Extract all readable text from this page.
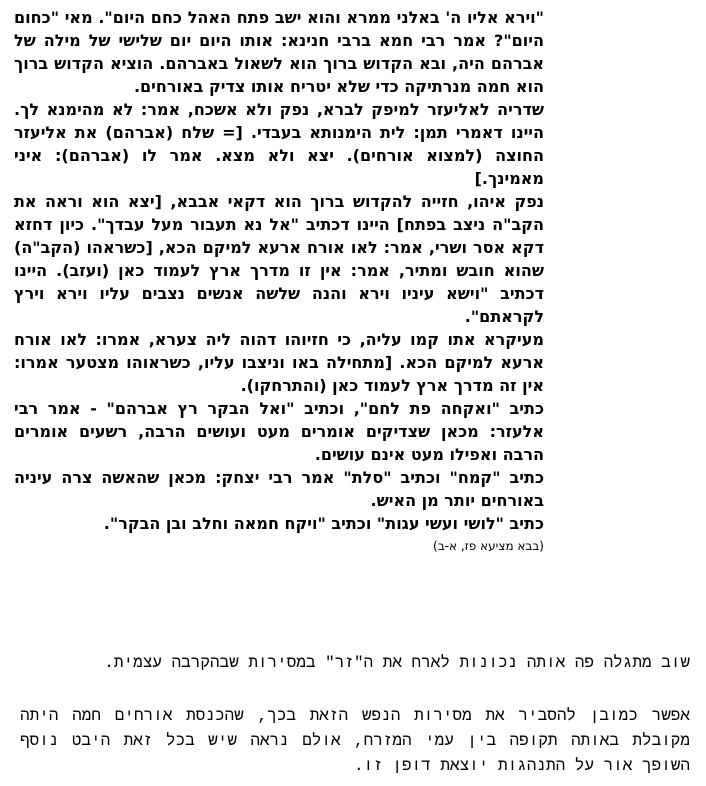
"וירא אליו ה' באלני ממרא והוא ישב פתח האהל כחם היום". מאי "כחום היום"? אמר רבי חמא ברבי חנינא: אותו היום יום שלישי של מילה של אברהם היה, ובא הקדוש ברוך הוא לשאול באברהם. הוציא הקדוש ברוך הוא חמה מנרתיקה כדי שלא יטריח אותו צדיק באורחים.

שדריה לאליעזר למיפק לברא, נפק ולא אשכח, אמר: לא מהימנא לך. היינו דאמרי תמן: לית הימנותא בעבדי. [= שלח (אברהם) את אליעזר החוצה (למצוא אורחים). יצא ולא מצא. אמר לו (אברהם): איני מאמינך.]

נפק איהו, חזייה להקדוש ברוך הוא דקאי אבבא, [יצא הוא וראה את הקב"ה ניצב בפתח] היינו דכתיב "אל נא תעבור מעל עבדך". כיון דחזא דקא אסר ושרי, אמר: לאו אורח ארעא למיקם הכא, [כשראהו (הקב"ה) שהוא חובש ומתיר, אמר: אין זו מדרך ארץ לעמוד כאן (ועזב). היינו דכתיב "וישא עיניו וירא והנה שלשה אנשים נצבים עליו וירא וירץ לקראתם".

מעיקרא אתו קמו עליה, כי חזיוהו דהוה ליה צערא, אמרו: לאו אורח ארעא למיקם הכא. [מתחילה באו וניצבו עליו, כשראוהו מצטער אמרו: אין זה מדרך ארץ לעמוד כאן (והתרחקו).

כתיב "ואקחה פת לחם", וכתיב "ואל הבקר רץ אברהם" - אמר רבי אלעזר: מכאן שצדיקים אומרים מעט ועושים הרבה, רשעים אומרים הרבה ואפילו מעט אינם עושים.

כתיב "קמח" וכתיב "סלת" אמר רבי יצחק: מכאן שהאשה צרה עיניה באורחים יותר מן האיש.

כתיב "לושי ועשי עגות" וכתיב "ויקח חמאה וחלב ובן הבקר".

(בבא מציעא פז, א-ב)

שוב מתגלה פה אותה נכונות לארח את ה"זר" במסירות שבהקרבה עצמית.

אפשר כמובן להסביר את מסירות הנפש הזאת בכך, שהכנסת אורחים חמה היתה מקובלת באותה תקופה בין עמי המזרח, אולם נראה שיש בכל זאת היבט נוסף השופך אור על התנהגות יוצאת דופן זו.
